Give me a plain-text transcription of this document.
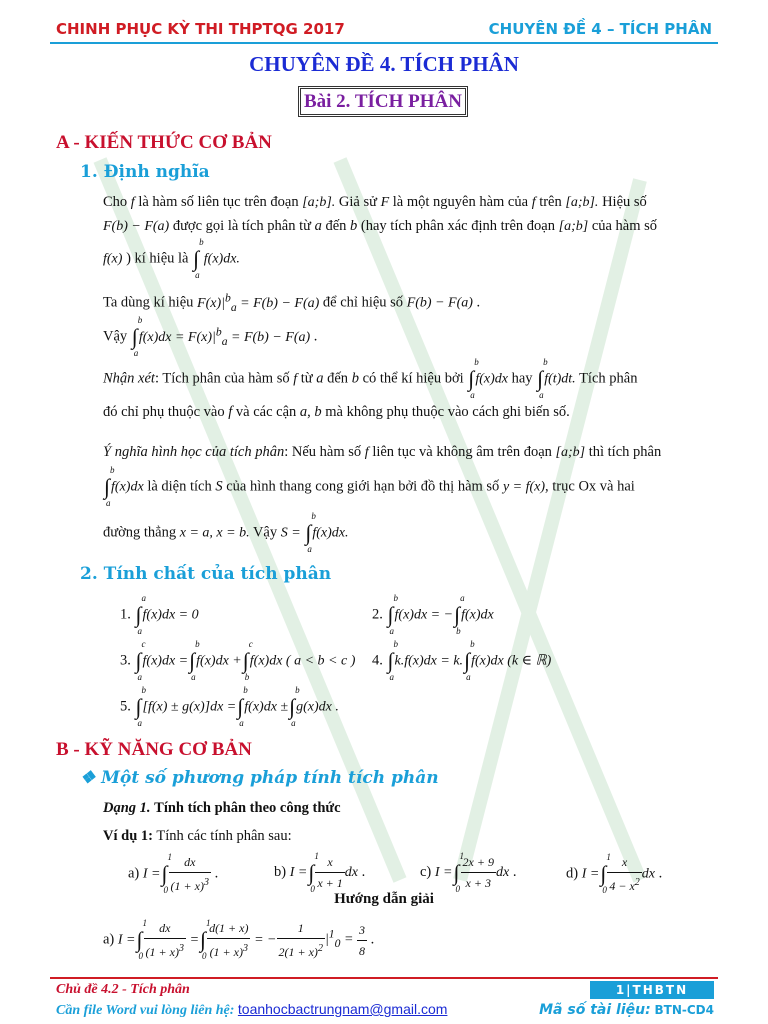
CHINH PHỤC KỲ THI THPTQG 2017	CHUYÊN ĐỀ 4 – TÍCH PHÂN
CHUYÊN ĐỀ 4. TÍCH PHÂN
Bài 2. TÍCH PHÂN
A - KIẾN THỨC CƠ BẢN
1. Định nghĩa
Cho f là hàm số liên tục trên đoạn [a;b]. Giả sử F là một nguyên hàm của f trên [a;b]. Hiệu số
F(b) − F(a) được gọi là tích phân từ a đến b (hay tích phân xác định trên đoạn [a;b] của hàm số
f(x) ) kí hiệu là ∫
b
a
f(x)dx.
Ta dùng kí hiệu $F(x)|^b_a = F(b) - F(a)$ để chỉ hiệu số F(b) − F(a) .
Vậy ∫
b
a
$f(x)dx = F(x)|^b_a = F(b) - F(a)$ .
Nhận xét: Tích phân của hàm số f từ a đến b có thể kí hiệu bởi ∫
b
a
f(x)dx hay ∫
b
a
f(t)dt. Tích phân
đó chỉ phụ thuộc vào f và các cận a, b mà không phụ thuộc vào cách ghi biến số.
Ý nghĩa hình học của tích phân: Nếu hàm số f liên tục và không âm trên đoạn [a;b] thì tích phân
∫
b
a
f(x)dx là diện tích S của hình thang cong giới hạn bởi đồ thị hàm số y = f(x), trục Ox và hai
đường thẳng x = a, x = b. Vậy S = ∫
b
a
f(x)dx.
2. Tính chất của tích phân
1. ∫
a
a
f(x)dx = 0	2. ∫
b
a
f(x)dx = −∫
a
b
f(x)dx
3. ∫
c
a
f(x)dx =∫
b
a
f(x)dx +∫
c
b
f(x)dx ( a < b < c ) 4. ∫
b
a
k.f(x)dx = k.∫
b
a
f(x)dx (k ∈ ℝ)
5. ∫
b
a
[f(x) ± g(x)]dx =∫
b
a
f(x)dx ±∫
b
a
g(x)dx .
B - KỸ NĂNG CƠ BẢN
❖ Một số phương pháp tính tích phân
Dạng 1. Tính tích phân theo công thức
Ví dụ 1: Tính các tính phân sau:
a) I =∫
1
$0 \frac{dx}{(1 + x)^3}$ .	b) I =∫
1
$0 \frac{x}{x + 1}$ dx .	c) I =∫
1
$0 \frac{2x + 9}{x + 3}$ dx .	d) I =∫
1
$0 \frac{x}{4 - x^2}$ dx .
Hướng dẫn giải
a) I =∫
1
$0 \frac{dx}{(1 + x)^3}$ =∫
1
$0 \frac{d(1 + x)}{(1 + x)^3}$ = − $\frac{1}{2(1 + x)^2} |^1_0 = \frac{3}{8}$ .
Chủ đề 4.2 - Tích phân
Cần file Word vui lòng liên hệ: toanhocbactrungnam@gmail.com
1|THBTN
Mã số tài liệu: BTN-CD4
